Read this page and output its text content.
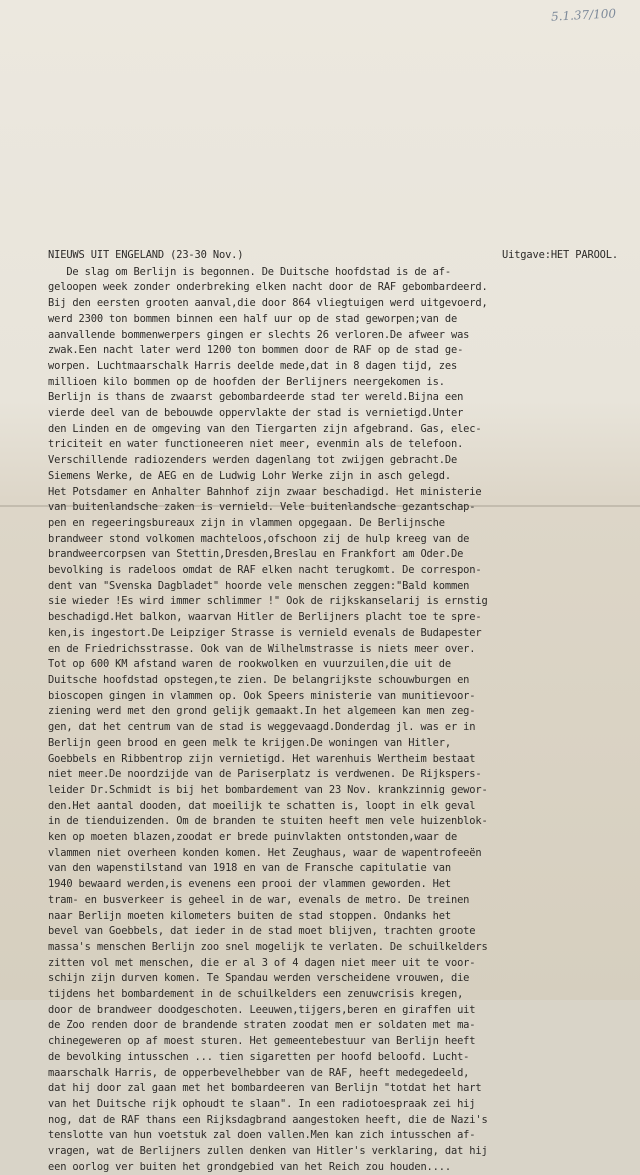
5.1.37/100
NIEUWS UIT ENGELAND (23-30 Nov.)	Uitgave:HET PAROOL.
De slag om Berlijn is begonnen. De Duitsche hoofdstad is de af-
geloopen week zonder onderbreking elken nacht door de RAF gebombardeerd.
Bij den eersten grooten aanval,die door 864 vliegtuigen werd uitgevoerd,
werd 2300 ton bommen binnen een half uur op de stad geworpen;van de
aanvallende bommenwerpers gingen er slechts 26 verloren.De afweer was
zwak.Een nacht later werd 1200 ton bommen door de RAF op de stad ge-
worpen. Luchtmaarschalk Harris deelde mede,dat in 8 dagen tijd, zes
millioen kilo bommen op de hoofden der Berlijners neergekomen is.
Berlijn is thans de zwaarst gebombardeerde stad ter wereld.Bijna een
vierde deel van de bebouwde oppervlakte der stad is vernietigd.Unter
den Linden en de omgeving van den Tiergarten zijn afgebrand. Gas, elec-
triciteit en water functioneeren niet meer, evenmin als de telefoon.
Verschillende radiozenders werden dagenlang tot zwijgen gebracht.De
Siemens Werke, de AEG en de Ludwig Lohr Werke zijn in asch gelegd.
Het Potsdamer en Anhalter Bahnhof zijn zwaar beschadigd. Het ministerie
van buitenlandsche zaken is vernield. Vele buitenlandsche gezantschap-
pen en regeeringsbureaux zijn in vlammen opgegaan. De Berlijnsche
brandweer stond volkomen machteloos,ofschoon zij de hulp kreeg van de
brandweercorpsen van Stettin,Dresden,Breslau en Frankfort am Oder.De
bevolking is radeloos omdat de RAF elken nacht terugkomt. De correspon-
dent van "Svenska Dagbladet" hoorde vele menschen zeggen:"Bald kommen
sie wieder !Es wird immer schlimmer !" Ook de rijkskanselarij is ernstig
beschadigd.Het balkon, waarvan Hitler de Berlijners placht toe te spre-
ken,is ingestort.De Leipziger Strasse is vernield evenals de Budapester
en de Friedrichsstrasse. Ook van de Wilhelmstrasse is niets meer over.
Tot op 600 KM afstand waren de rookwolken en vuurzuilen,die uit de
Duitsche hoofdstad opstegen,te zien. De belangrijkste schouwburgen en
bioscopen gingen in vlammen op. Ook Speers ministerie van munitievoor-
ziening werd met den grond gelijk gemaakt.In het algemeen kan men zeg-
gen, dat het centrum van de stad is weggevaagd.Donderdag jl. was er in
Berlijn geen brood en geen melk te krijgen.De woningen van Hitler,
Goebbels en Ribbentrop zijn vernietigd. Het warenhuis Wertheim bestaat
niet meer.De noordzijde van de Pariserplatz is verdwenen. De Rijkspers-
leider Dr.Schmidt is bij het bombardement van 23 Nov. krankzinnig gewor-
den.Het aantal dooden, dat moeilijk te schatten is, loopt in elk geval
in de tienduizenden. Om de branden te stuiten heeft men vele huizenblok-
ken op moeten blazen,zoodat er brede puinvlakten ontstonden,waar de
vlammen niet overheen konden komen. Het Zeughaus, waar de wapentrofeeën
van den wapenstilstand van 1918 en van de Fransche capitulatie van
1940 bewaard werden,is evenens een prooi der vlammen geworden. Het
tram- en busverkeer is geheel in de war, evenals de metro. De treinen
naar Berlijn moeten kilometers buiten de stad stoppen. Ondanks het
bevel van Goebbels, dat ieder in de stad moet blijven, trachten groote
massa's menschen Berlijn zoo snel mogelijk te verlaten. De schuilkelders
zitten vol met menschen, die er al 3 of 4 dagen niet meer uit te voor-
schijn zijn durven komen. Te Spandau werden verscheidene vrouwen, die
tijdens het bombardement in de schuilkelders een zenuwcrisis kregen,
door de brandweer doodgeschoten. Leeuwen,tijgers,beren en giraffen uit
de Zoo renden door de brandende straten zoodat men er soldaten met ma-
chinegeweren op af moest sturen. Het gemeentebestuur van Berlijn heeft
de bevolking intusschen ... tien sigaretten per hoofd beloofd. Lucht-
maarschalk Harris, de opperbevelhebber van de RAF, heeft medegedeeld,
dat hij door zal gaan met het bombardeeren van Berlijn "totdat het hart
van het Duitsche rijk ophoudt te slaan". In een radiotoespraak zei hij
nog, dat de RAF thans een Rijksdagbrand aangestoken heeft, die de Nazi's
tenslotte van hun voetstuk zal doen vallen.Men kan zich intusschen af-
vragen, wat de Berlijners zullen denken van Hitler's verklaring, dat hij
een oorlog ver buiten het grondgebied van het Reich zou houden....
